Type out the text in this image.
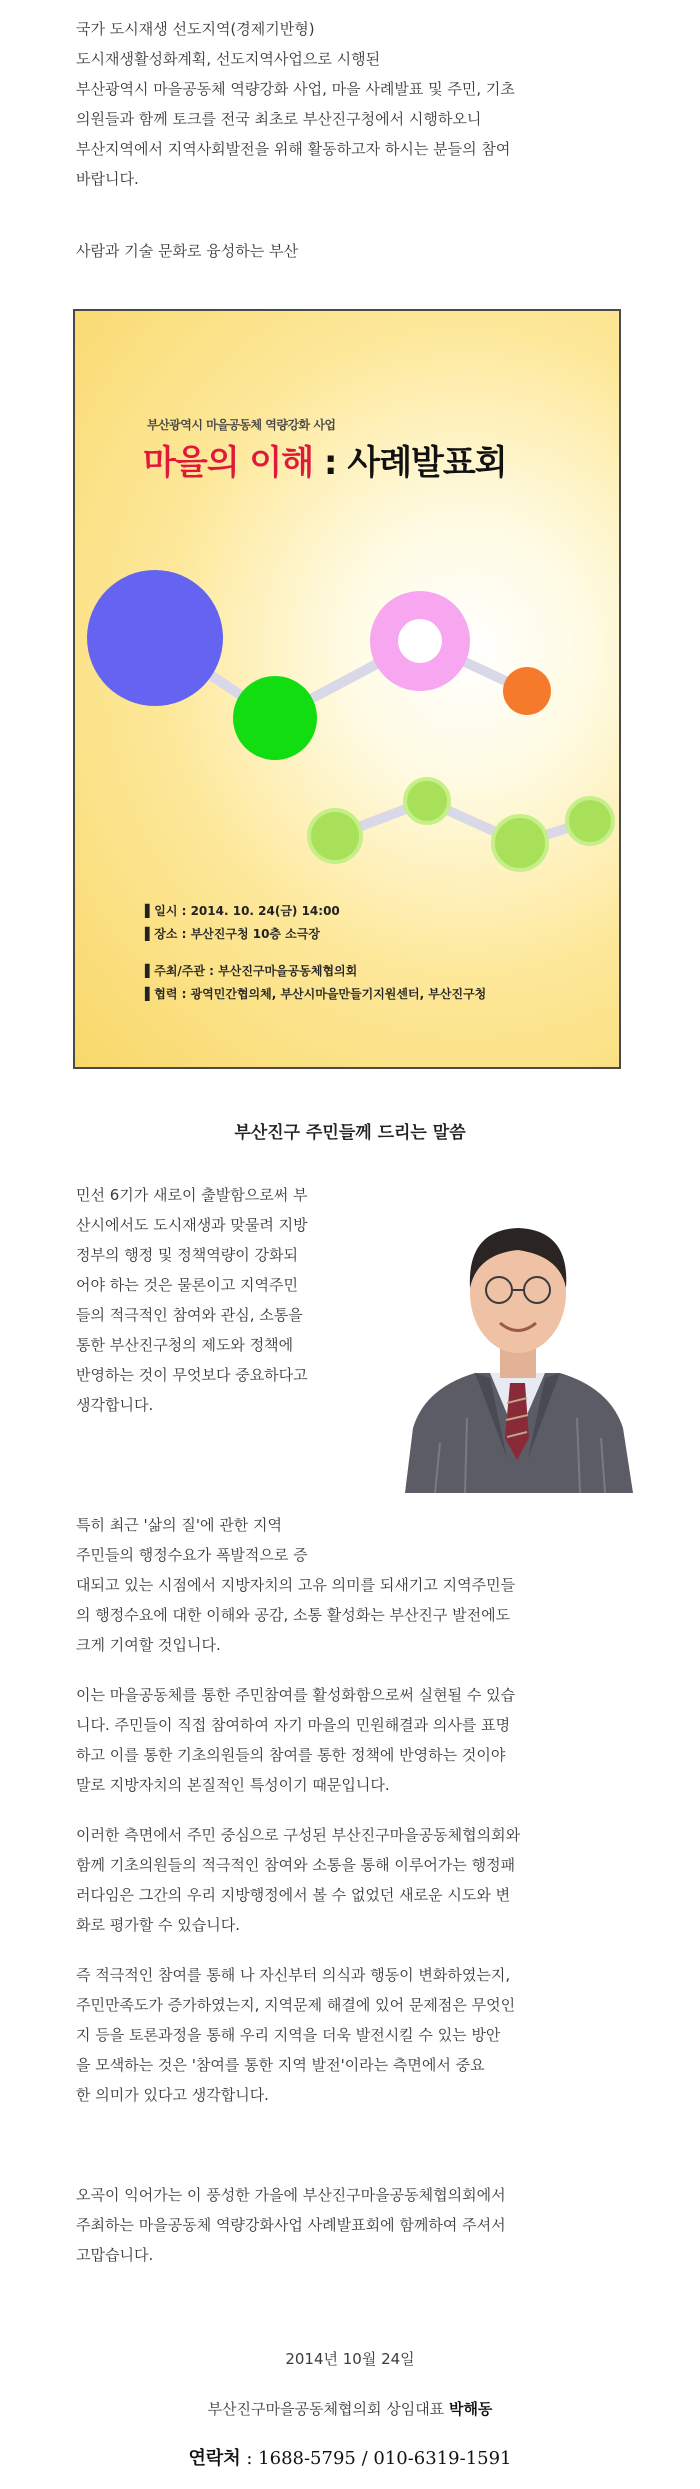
국가 도시재생 선도지역(경제기반형)

도시재생활성화계획, 선도지역사업으로 시행된

부산광역시 마을공동체 역량강화 사업, 마을 사례발표 및 주민, 기초

의원들과 함께 토크를 전국 최초로 부산진구청에서 시행하오니

부산지역에서 지역사회발전을 위해 활동하고자 하시는 분들의 참여

바랍니다.

사람과 기술 문화로 융성하는 부산
부산광역시 마을공동체 역량강화 사업
마을의 이해 : 사례발표회
▌일시 : 2014. 10. 24(금) 14:00
▌장소 : 부산진구청 10층 소극장
▌주최/주관 : 부산진구마을공동체협의회
▌협력 : 광역민간협의체, 부산시마을만들기지원센터, 부산진구청
부산진구 주민들께 드리는 말씀
민선 6기가 새로이 출발함으로써 부
산시에서도 도시재생과 맞물려 지방
정부의 행정 및 정책역량이 강화되
어야 하는 것은 물론이고 지역주민
들의 적극적인 참여와 관심, 소통을
통한 부산진구청의 제도와 정책에
반영하는 것이 무엇보다 중요하다고
생각합니다.
특히 최근 '삶의 질'에 관한 지역
주민들의 행정수요가 폭발적으로 증
대되고 있는 시점에서 지방자치의 고유 의미를 되새기고 지역주민들
의 행정수요에 대한 이해와 공감, 소통 활성화는 부산진구 발전에도
크게 기여할 것입니다.
이는 마을공동체를 통한 주민참여를 활성화함으로써 실현될 수 있습
니다. 주민들이 직접 참여하여 자기 마을의 민원해결과 의사를 표명
하고 이를 통한 기초의원들의 참여를 통한 정책에 반영하는 것이야
말로 지방자치의 본질적인 특성이기 때문입니다.
이러한 측면에서 주민 중심으로 구성된 부산진구마을공동체협의회와
함께 기초의원들의 적극적인 참여와 소통을 통해 이루어가는 행정패
러다임은 그간의 우리 지방행정에서 볼 수 없었던 새로운 시도와 변
화로 평가할 수 있습니다.
즉 적극적인 참여를 통해 나 자신부터 의식과 행동이 변화하였는지,
주민만족도가 증가하였는지, 지역문제 해결에 있어 문제점은 무엇인
지 등을 토론과정을 통해 우리 지역을 더욱 발전시킬 수 있는 방안
을 모색하는 것은 '참여를 통한 지역 발전'이라는 측면에서 중요
한 의미가 있다고 생각합니다.
오곡이 익어가는 이 풍성한 가을에 부산진구마을공동체협의회에서
주최하는 마을공동체 역량강화사업 사례발표회에 함께하여 주셔서
고맙습니다.
2014년 10월 24일
부산진구마을공동체협의회 상임대표 박해동
연락처 : 1688-5795 / 010-6319-1591
